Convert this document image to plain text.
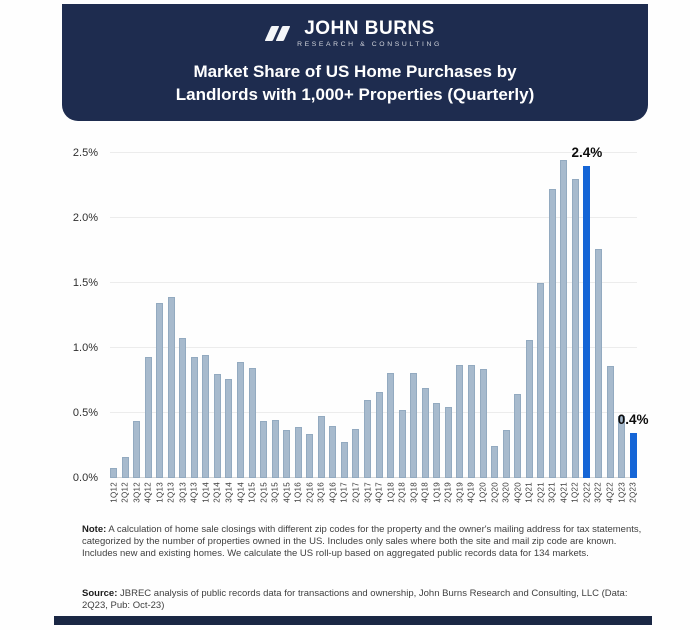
JOHN BURNS
RESEARCH & CONSULTING
Market Share of US Home Purchases by
Landlords with 1,000+ Properties (Quarterly)
0.0%
0.5%
1.0%
1.5%
2.0%
2.5%
1Q12 2Q12 3Q12 4Q12 1Q13 2Q13 3Q13 4Q13 1Q14 2Q14 3Q14 4Q14 1Q15 2Q15 3Q15 4Q15 1Q16 2Q16 3Q16 4Q16 1Q17 2Q17 3Q17 4Q17 1Q18 2Q18 3Q18 4Q18 1Q19 2Q19 3Q19 4Q19 1Q20 2Q20 3Q20 4Q20 1Q21 2Q21 3Q21 4Q21 1Q22 2Q22
2.4%
3Q22 4Q22 1Q23 2Q23
0.4%
Note: A calculation of home sale closings with different zip codes for the property and the owner's mailing address for tax statements, categorized by the number of properties owned in the US. Includes only sales where both the site and mail zip code are known. Includes new and existing homes. We calculate the US roll-up based on aggregated public records data for 134 markets.
Source: JBREC analysis of public records data for transactions and ownership, John Burns Research and Consulting, LLC (Data: 2Q23, Pub: Oct-23)
